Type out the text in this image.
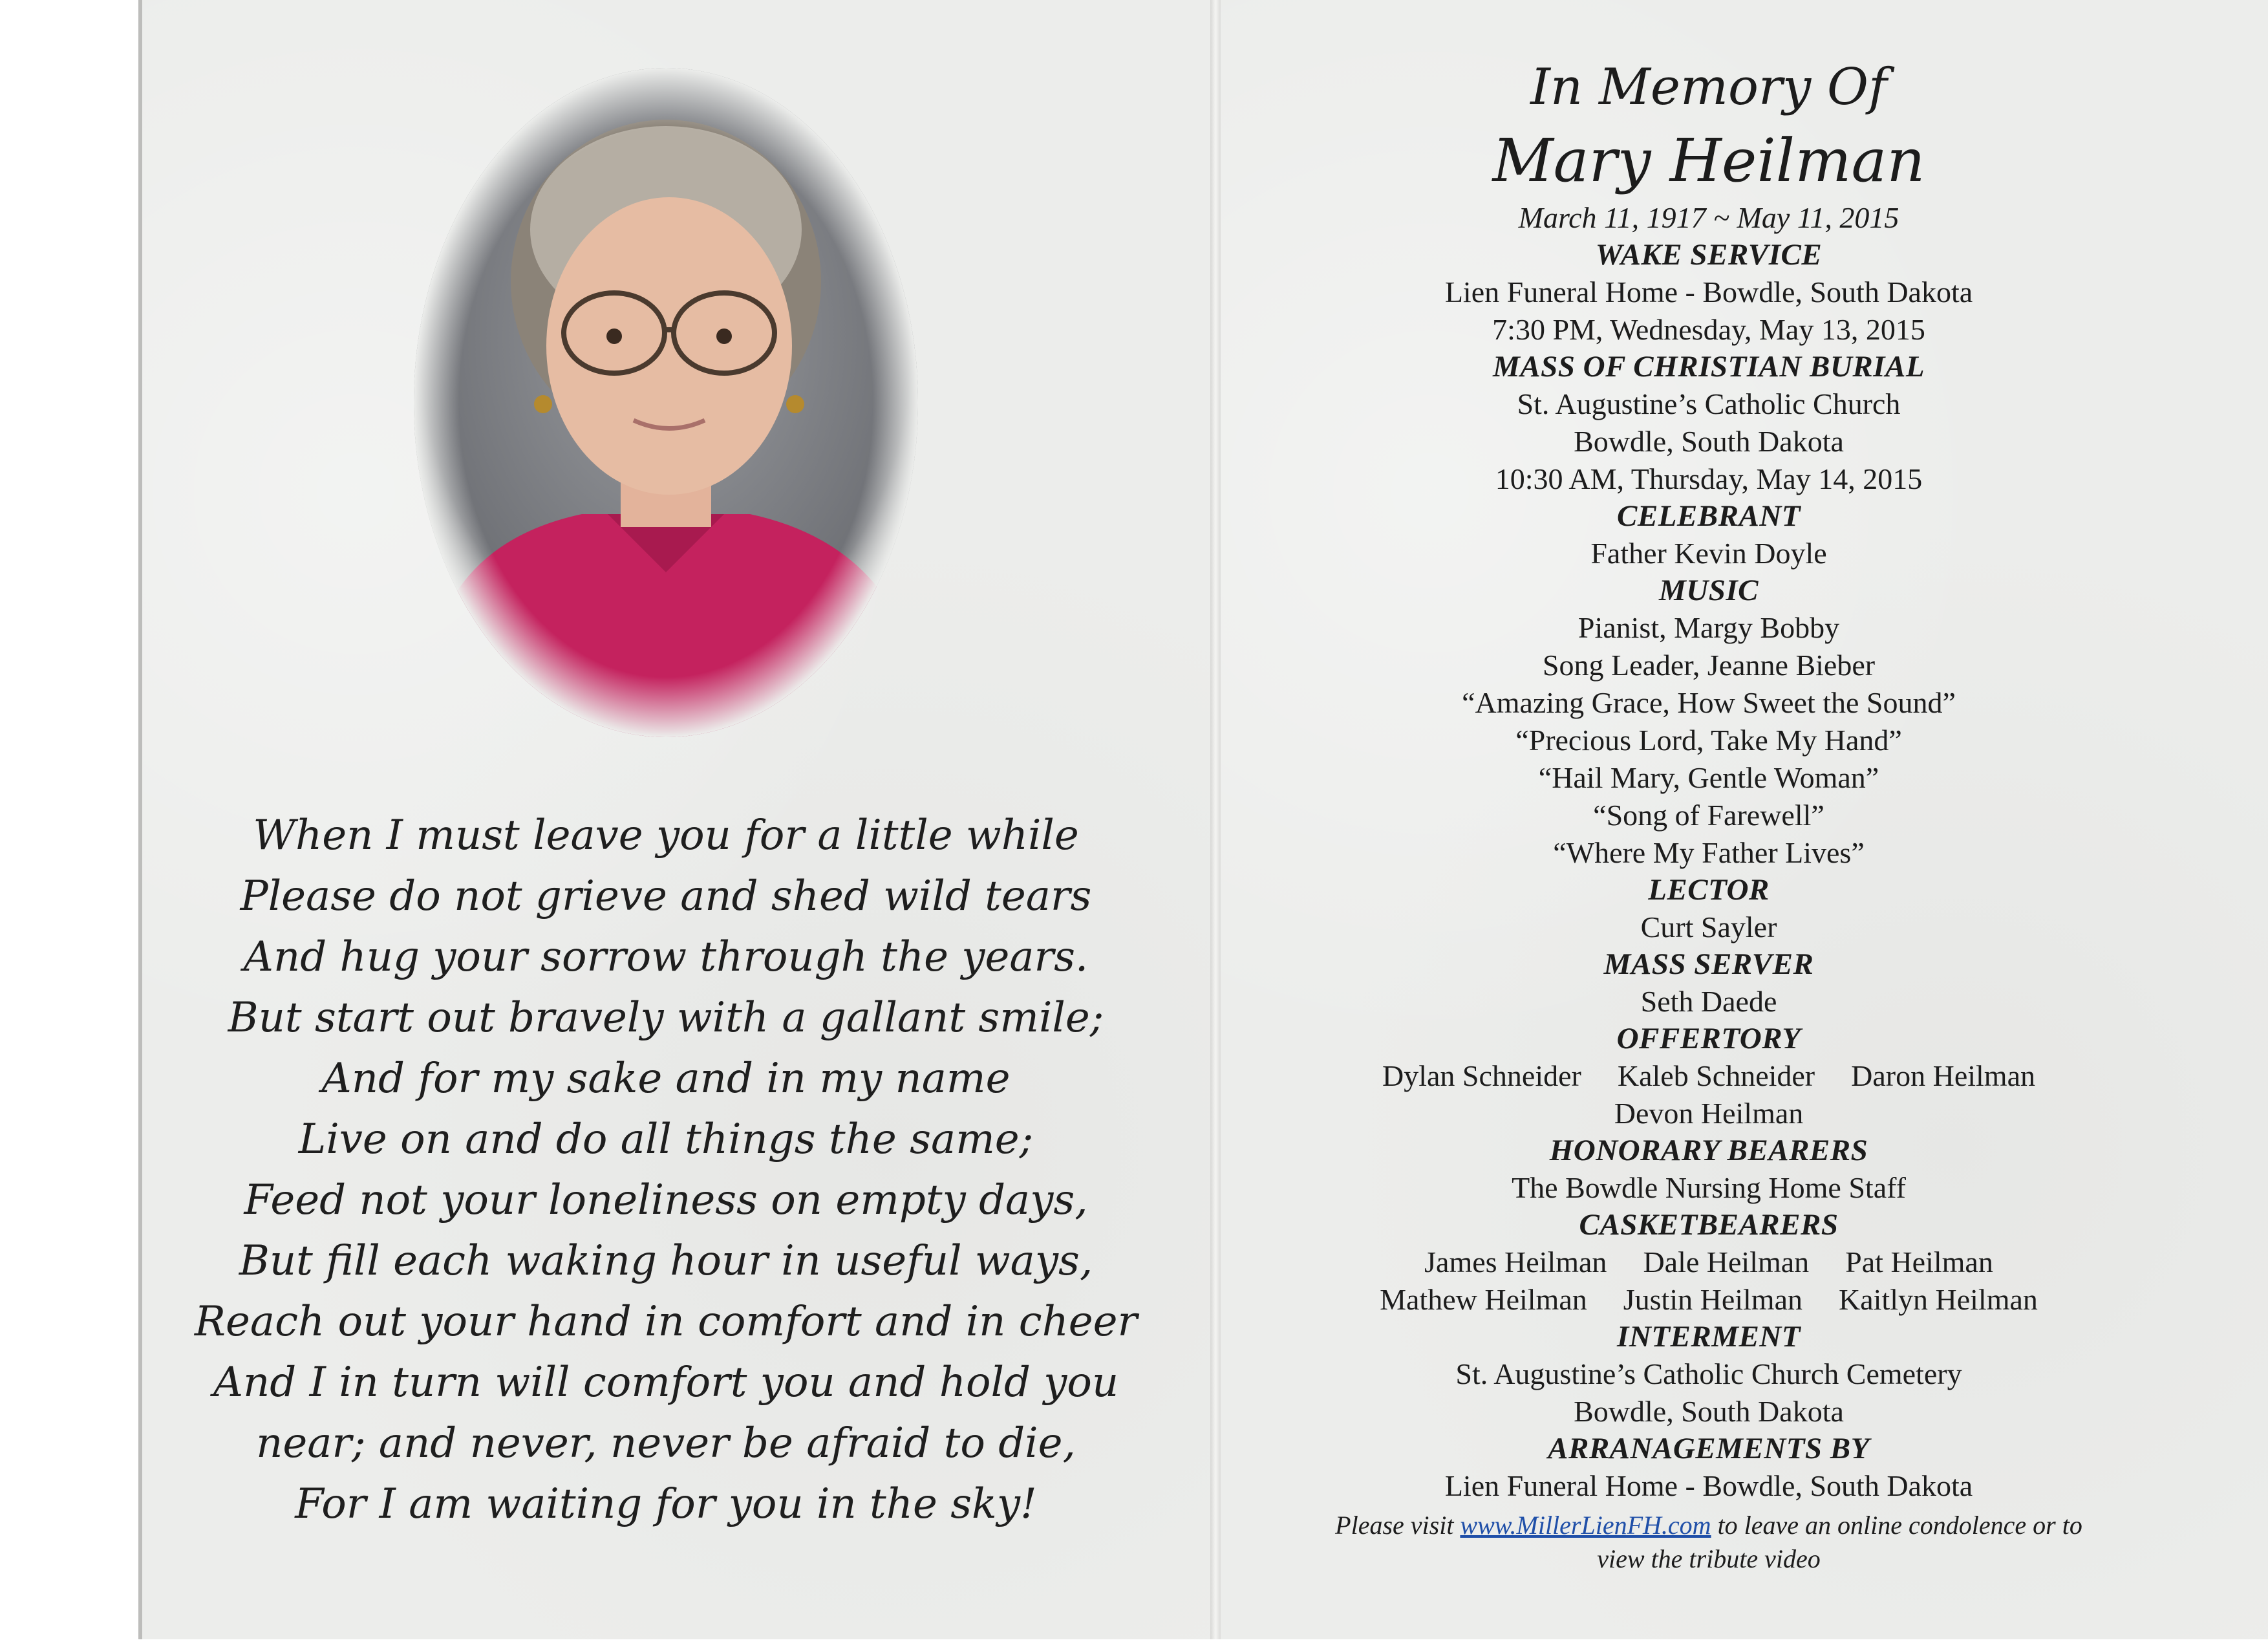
When I must leave you for a little while
Please do not grieve and shed wild tears
And hug your sorrow through the years.
But start out bravely with a gallant smile;
And for my sake and in my name
Live on and do all things the same;
Feed not your loneliness on empty days,
But fill each waking hour in useful ways,
Reach out your hand in comfort and in cheer
And I in turn will comfort you and hold you
near; and never, never be afraid to die,
For I am waiting for you in the sky!
In Memory Of
Mary Heilman
March 11, 1917 ~ May 11, 2015
WAKE SERVICE
Lien Funeral Home - Bowdle, South Dakota
7:30 PM, Wednesday, May 13, 2015
MASS OF CHRISTIAN BURIAL
St. Augustine’s Catholic Church
Bowdle, South Dakota
10:30 AM, Thursday, May 14, 2015
CELEBRANT
Father Kevin Doyle
MUSIC
Pianist, Margy Bobby
Song Leader, Jeanne Bieber
“Amazing Grace, How Sweet the Sound”
“Precious Lord, Take My Hand”
“Hail Mary, Gentle Woman”
“Song of Farewell”
“Where My Father Lives”
LECTOR
Curt Sayler
MASS SERVER
Seth Daede
OFFERTORY
Dylan Schneider Kaleb Schneider Daron Heilman
Devon Heilman
HONORARY BEARERS
The Bowdle Nursing Home Staff
CASKETBEARERS
James Heilman Dale Heilman Pat Heilman
Mathew Heilman Justin Heilman Kaitlyn Heilman
INTERMENT
St. Augustine’s Catholic Church Cemetery
Bowdle, South Dakota
ARRANAGEMENTS BY
Lien Funeral Home - Bowdle, South Dakota
Please visit www.MillerLienFH.com to leave an online condolence or to
view the tribute video
